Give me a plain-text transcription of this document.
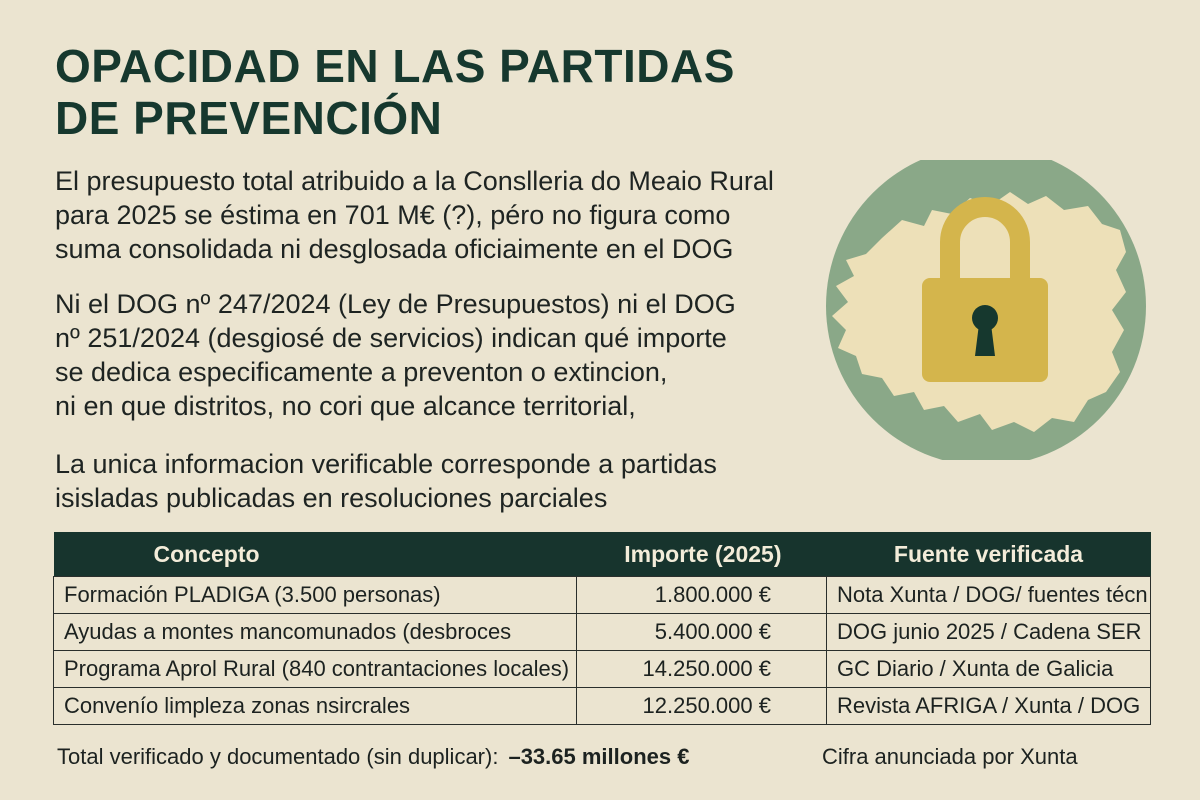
OPACIDAD EN LAS PARTIDAS
DE PREVENCIÓN
El presupuesto total atribuido a la Conslleria do Meaio Rural
para 2025 se éstima en 701 M€ (?), péro no figura como
suma consolidada ni desglosada oficiaimente en el DOG
Ni el DOG nº 247/2024 (Ley de Presupuestos) ni el DOG
nº 251/2024 (desgiosé de servicios) indican qué importe
se dedica especificamente a preventon o extincion,
ni en que distritos, no cori que alcance territorial,
La unica informacion verificable corresponde a partidas
isisladas publicadas en resoluciones parciales
Concepto	Importe (2025)	Fuente verificada
Formación PLADIGA (3.500 personas)	1.800.000 €	Nota Xunta / DOG/ fuentes técn
Ayudas a montes mancomunados (desbroces	5.400.000 €	DOG junio 2025 / Cadena SER
Programa Aprol Rural (840 contrantaciones locales)	14.250.000 €	GC Diario / Xunta de Galicia
Convenío limpleza zonas nsircrales	12.250.000 €	Revista AFRIGA / Xunta / DOG
Total verificado y documentado (sin duplicar): –33.65 millones €	Cifra anunciada por Xunta
